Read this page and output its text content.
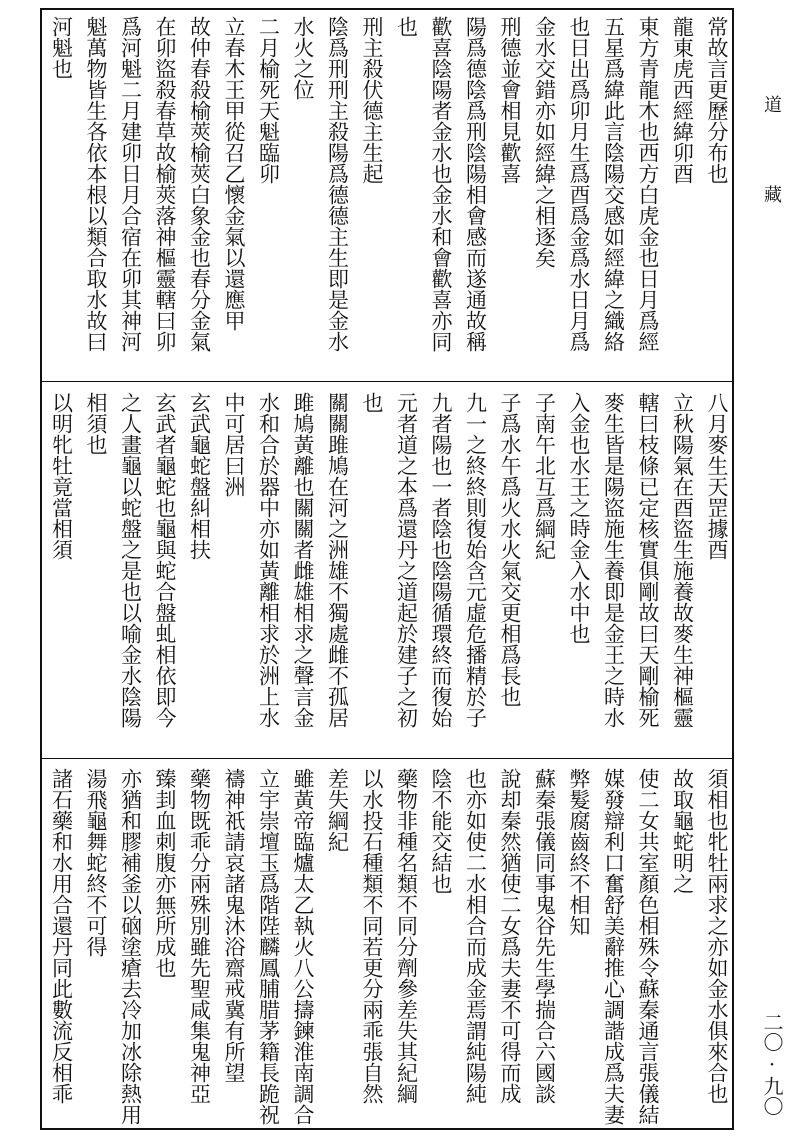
道
藏
二〇·九〇
常故言更歷分布也
龍東虎西經緯卯酉
東方青龍木也西方白虎金也日月爲經
五星爲緯此言陰陽交感如經緯之織絡
也日出爲卯月生爲酉爲金爲水日月爲
金水交錯亦如經緯之相逐矣
刑德並會相見歡喜
陽爲德陰爲刑陰陽相會感而遂通故稱
歡喜陰陽者金水也金水和會歡喜亦同
也
刑主殺伏德主生起
陰爲刑刑主殺陽爲德德主生即是金水
水火之位
二月榆死天魁臨卯
立春木王甲從召乙懷金氣以還應甲
故仲春殺榆莢榆莢白象金也春分金氣
在卯盜殺春草故榆莢落神樞靈轄曰卯
爲河魁二月建卯日月合宿在卯其神河
魁萬物皆生各依本根以類合取水故曰
河魁也
八月麥生天罡據酉
立秋陽氣在酉盜生施養故麥生神樞靈
轄曰枝條已定核實俱剛故曰天剛榆死
麥生皆是陽盜施生養即是金王之時水
入金也水王之時金入水中也
子南午北互爲綱紀
子爲水午爲火水火氣交更相爲長也
九一之終終則復始含元虛危播精於子
九者陽也一者陰也陰陽循環終而復始
元者道之本爲還丹之道起於建子之初
也
關關雎鳩在河之洲雄不獨處雌不孤居
雎鳩黃離也關關者雌雄相求之聲言金
水和合於器中亦如黃離相求於洲上水
中可居曰洲
玄武龜蛇盤糾相扶
玄武者龜蛇也龜與蛇合盤虬相依即今
之人畫龜以蛇盤之是也以喻金水陰陽
相須也
以明牝牡竟當相須
須相也牝牡兩求之亦如金水俱來合也
故取龜蛇明之
使二女共室顏色相殊令蘇秦通言張儀結
媒發辯利口奮舒美辭推心調諧成爲夫妻
弊髮腐齒終不相知
蘇秦張儀同事鬼谷先生學揣合六國談
說却秦然猶使二女爲夫妻不可得而成
也亦如使二水相合而成金焉謂純陽純
陰不能交結也
藥物非種名類不同分劑參差失其紀綱
以水投石種類不同若更分兩乖張自然
差失綱紀
雖黃帝臨爐太乙執火八公擣鍊淮南調合
立宇崇壇玉爲階陛麟鳳脯腊茅籍長跪祝
禱神祇請哀諸鬼沐浴齋戒冀有所望
藥物既乖分兩殊別雖先聖咸集鬼神亞
臻刲血刺腹亦無所成也
亦猶和膠補釜以硇塗瘡去冷加冰除熱用
湯飛龜舞蛇終不可得
諸石藥和水用合還丹同此數流反相乖
